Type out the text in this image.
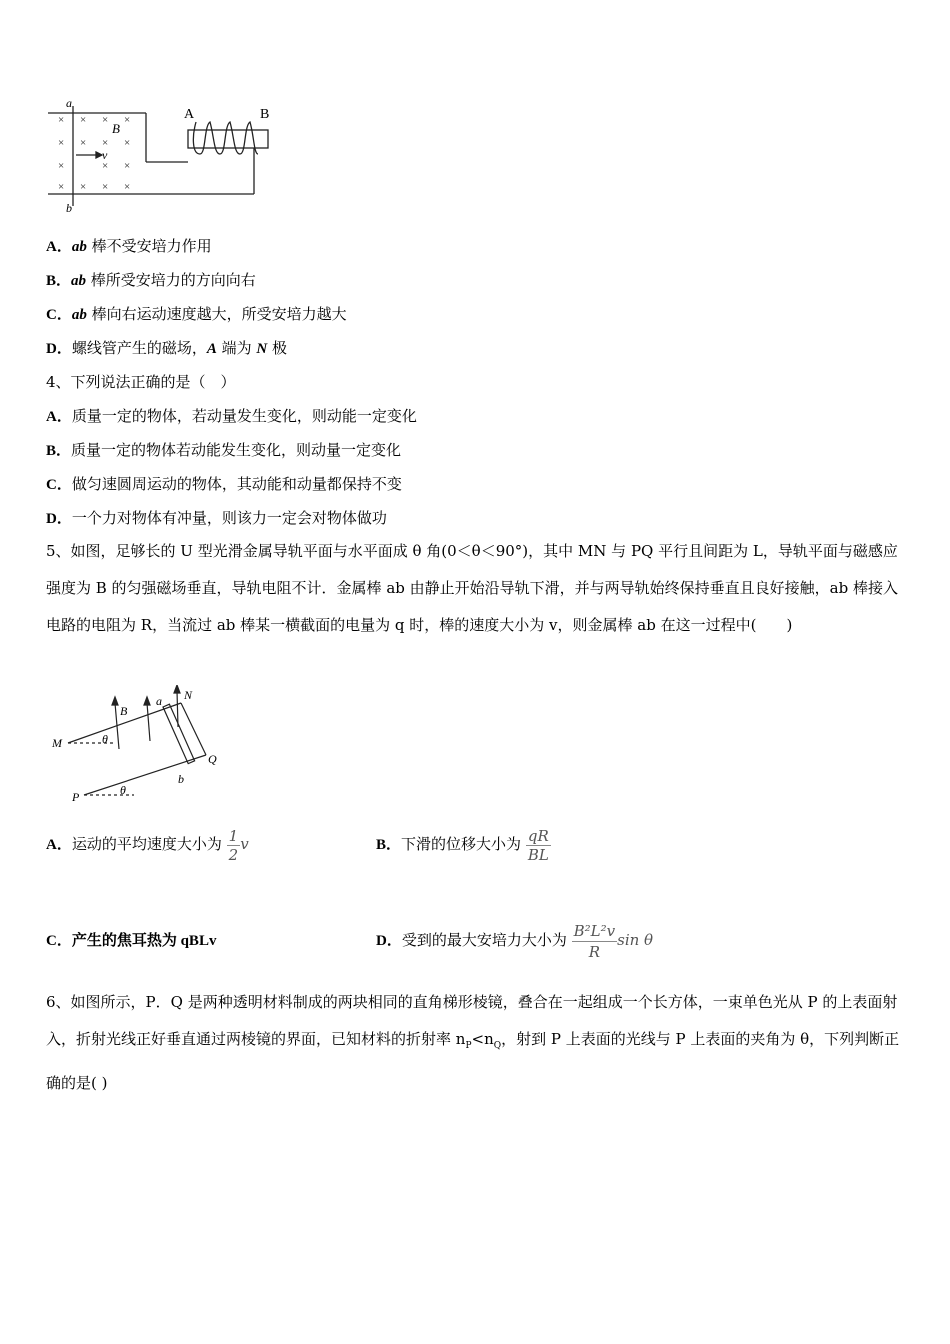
× × × ×
× × × ×
×	× ×
× × × ×
a
b
B
v
A	B
A．ab 棒不受安培力作用
B．ab 棒所受安培力的方向向右
C．ab 棒向右运动速度越大，所受安培力越大
D．螺线管产生的磁场，A 端为 N 极
4、下列说法正确的是（　）
A．质量一定的物体，若动量发生变化，则动能一定变化
B．质量一定的物体若动能发生变化，则动量一定变化
C．做匀速圆周运动的物体，其动能和动量都保持不变
D．一个力对物体有冲量，则该力一定会对物体做功
5、如图，足够长的 U 型光滑金属导轨平面与水平面成 θ 角(0＜θ＜90°)，其中 MN 与 PQ 平行且间距为 L，导轨平面与磁感应强度为 B 的匀强磁场垂直，导轨电阻不计．金属棒 ab 由静止开始沿导轨下滑，并与两导轨始终保持垂直且良好接触，ab 棒接入电路的电阻为 R，当流过 ab 棒某一横截面的电量为 q 时，棒的速度大小为 v，则金属棒 ab 在这一过程中(　　)
B
a N
M	θ
Q
b
P	θ
A．运动的平均速度大小为 $\frac{1}{2}$ v	B．下滑的位移大小为 $\frac{qR}{BL}$
C．产生的焦耳热为 qBLv	D．受到的最大安培力大小为 $\frac{\text{B²L²v}}{R}$ sin θ
6、如图所示，P．Q 是两种透明材料制成的两块相同的直角梯形棱镜，叠合在一起组成一个长方体，一束单色光从 P 的上表面射入，折射光线正好垂直通过两棱镜的界面，已知材料的折射率 $n_P<n_Q$，射到 P 上表面的光线与 P 上表面的夹角为 θ，下列判断正确的是( )
